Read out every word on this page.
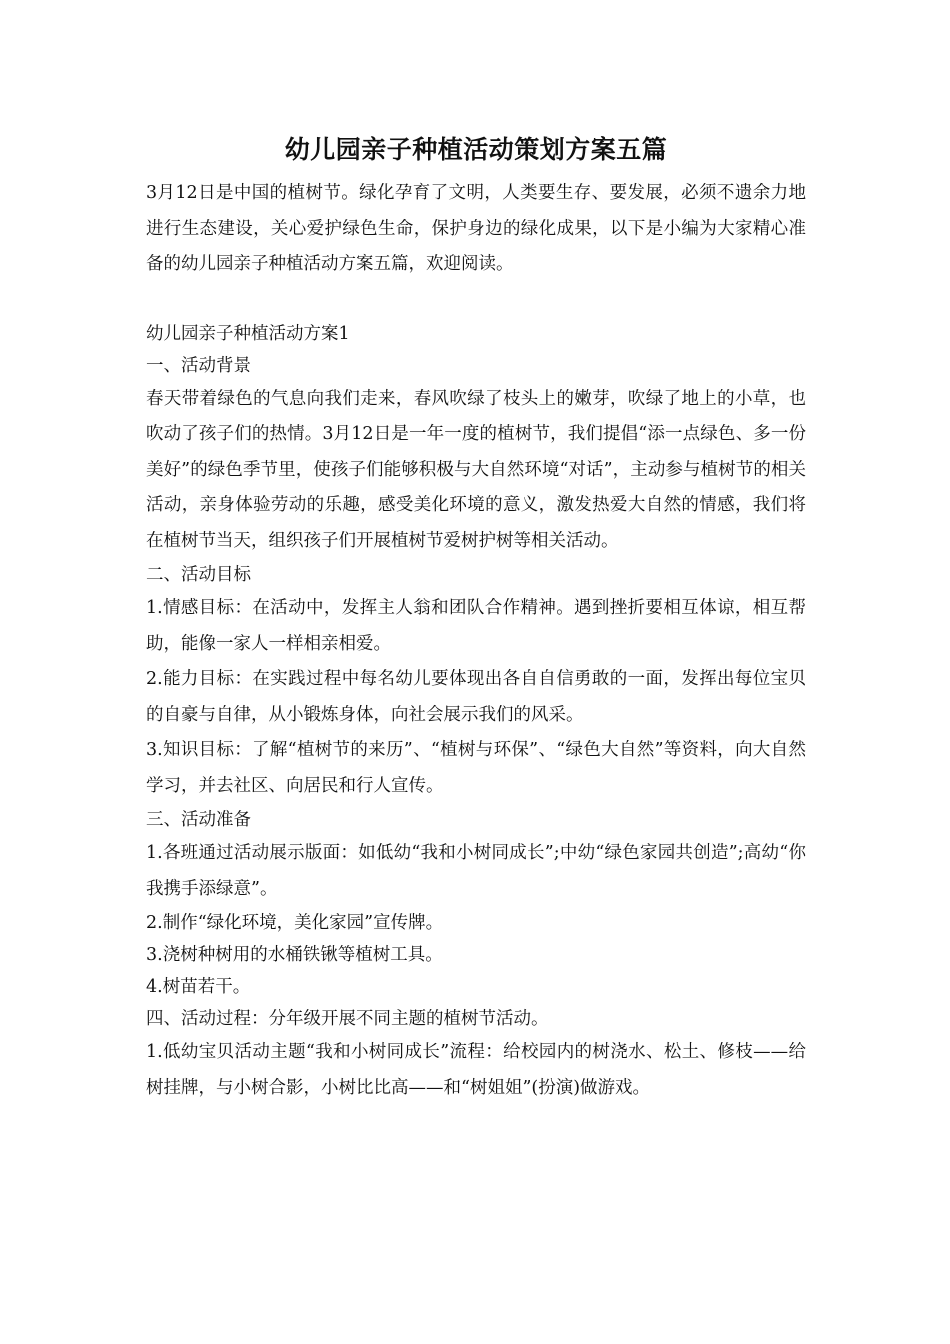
幼儿园亲子种植活动策划方案五篇

3月12日是中国的植树节。绿化孕育了文明，人类要生存、要发展，必须不遗余力地进行生态建设，关心爱护绿色生命，保护身边的绿化成果，以下是小编为大家精心准备的幼儿园亲子种植活动方案五篇，欢迎阅读。

幼儿园亲子种植活动方案1

一、活动背景

春天带着绿色的气息向我们走来，春风吹绿了枝头上的嫩芽，吹绿了地上的小草，也吹动了孩子们的热情。3月12日是一年一度的植树节，我们提倡“添一点绿色、多一份美好”的绿色季节里，使孩子们能够积极与大自然环境“对话”，主动参与植树节的相关活动，亲身体验劳动的乐趣，感受美化环境的意义，激发热爱大自然的情感，我们将在植树节当天，组织孩子们开展植树节爱树护树等相关活动。

二、活动目标

1.情感目标：在活动中，发挥主人翁和团队合作精神。遇到挫折要相互体谅，相互帮助，能像一家人一样相亲相爱。

2.能力目标：在实践过程中每名幼儿要体现出各自自信勇敢的一面，发挥出每位宝贝的自豪与自律，从小锻炼身体，向社会展示我们的风采。

3.知识目标：了解“植树节的来历”、“植树与环保”、“绿色大自然”等资料，向大自然学习，并去社区、向居民和行人宣传。

三、活动准备

1.各班通过活动展示版面：如低幼“我和小树同成长”;中幼“绿色家园共创造”;高幼“你我携手添绿意”。

2.制作“绿化环境，美化家园”宣传牌。

3.浇树种树用的水桶铁锹等植树工具。

4.树苗若干。

四、活动过程：分年级开展不同主题的植树节活动。

1.低幼宝贝活动主题“我和小树同成长”流程：给校园内的树浇水、松土、修枝——给树挂牌，与小树合影，小树比比高——和“树姐姐”(扮演)做游戏。
